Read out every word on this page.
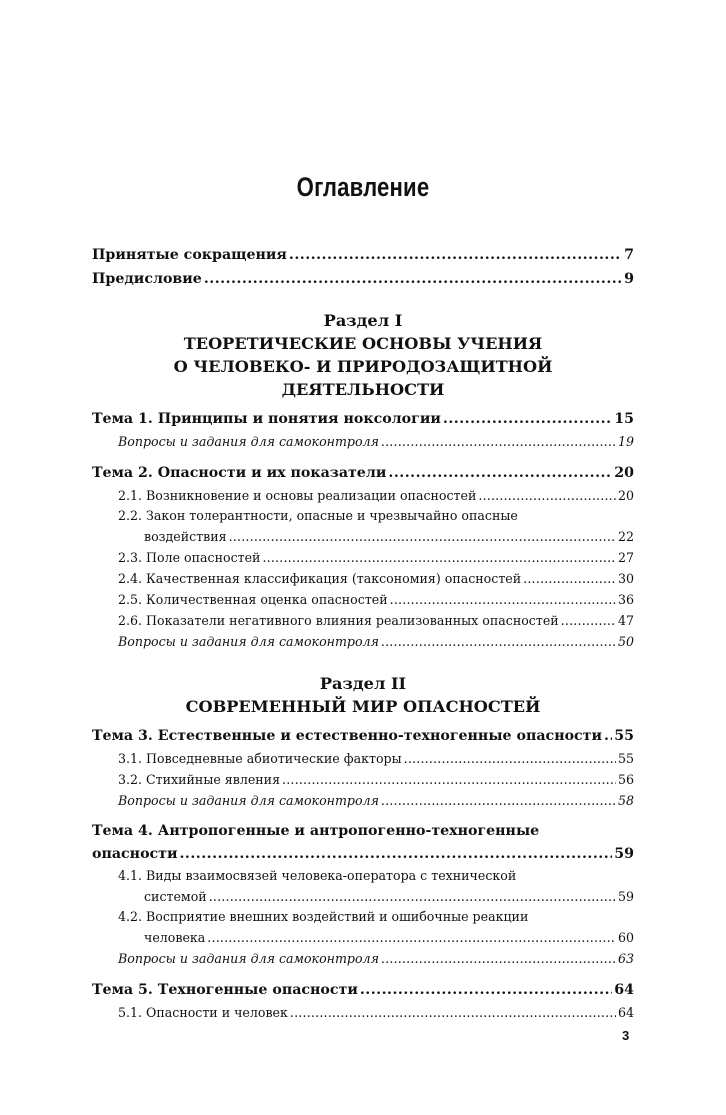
Оглавление
Принятые сокращения .....	7
Предисловие .....	9
Раздел I
ТЕОРЕТИЧЕСКИЕ ОСНОВЫ УЧЕНИЯ
О ЧЕЛОВЕКО- И ПРИРОДОЗАЩИТНОЙ
ДЕЯТЕЛЬНОСТИ
Тема 1. Принципы и понятия ноксологии .....	15
Вопросы и задания для самоконтроля .....	19
Тема 2. Опасности и их показатели .....	20
2.1. Возникновение и основы реализации опасностей .....	20
2.2. Закон толерантности, опасные и чрезвычайно опасные
воздействия .....	22
2.3. Поле опасностей .....	27
2.4. Качественная классификация (таксономия) опасностей .....	30
2.5. Количественная оценка опасностей .....	36
2.6. Показатели негативного влияния реализованных опасностей .....	47
Вопросы и задания для самоконтроля .....	50
Раздел II
СОВРЕМЕННЫЙ МИР ОПАСНОСТЕЙ
Тема 3. Естественные и естественно-техногенные опасности ..... 55
3.1. Повседневные абиотические факторы .....	55
3.2. Стихийные явления .....	56
Вопросы и задания для самоконтроля .....	58
Тема 4. Антропогенные и антропогенно-техногенные
опасности .....	59
4.1. Виды взаимосвязей человека-оператора с технической
системой .....	59
4.2. Восприятие внешних воздействий и ошибочные реакции
человека .....	60
Вопросы и задания для самоконтроля .....	63
Тема 5. Техногенные опасности .....	64
5.1. Опасности и человек .....	64
3
